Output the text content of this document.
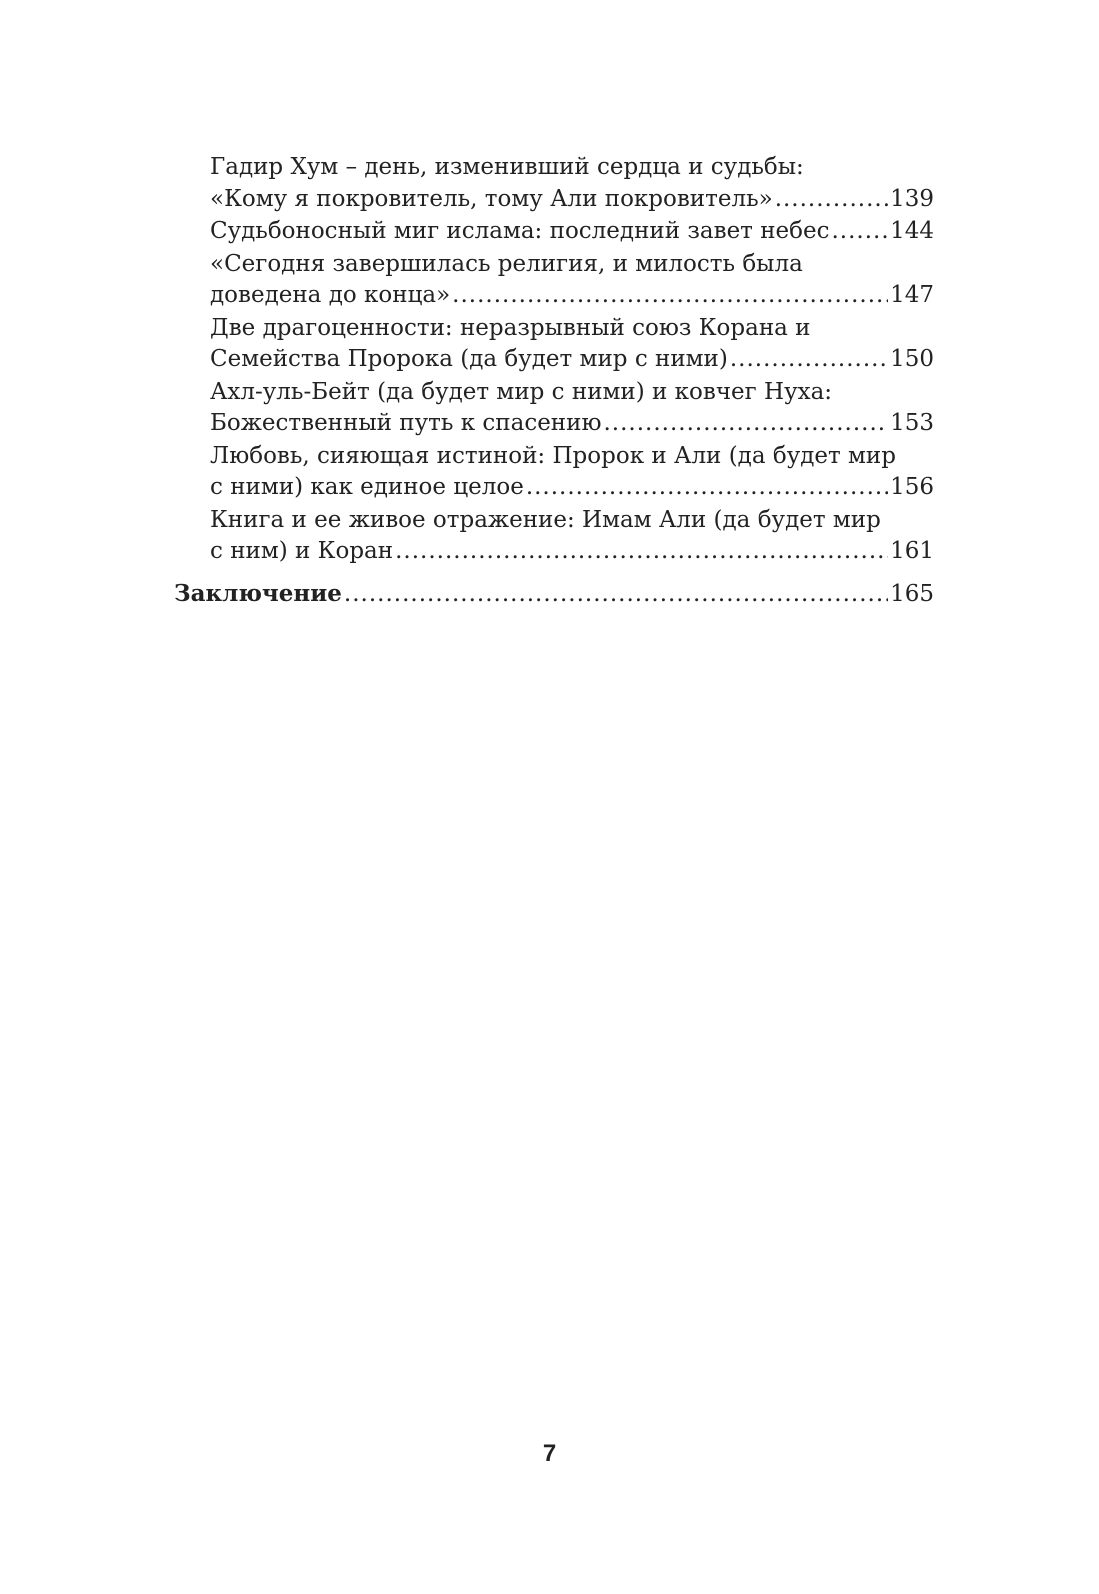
Гадир Хум – день, изменивший сердца и судьбы:
«Кому я покровитель, тому Али покровитель» .....	139
Судьбоносный миг ислама: последний завет небес .....	144
«Сегодня завершилась религия, и милость была
доведена до конца» .....	147
Две драгоценности: неразрывный союз Корана и
Семейства Пророка (да будет мир с ними) .....	150
Ахл-уль-Бейт (да будет мир с ними) и ковчег Нуха:
Божественный путь к спасению .....	153
Любовь, сияющая истиной: Пророк и Али (да будет мир
с ними) как единое целое .....	156
Книга и ее живое отражение: Имам Али (да будет мир
с ним) и Коран .....	161
Заключение .....	165
7
